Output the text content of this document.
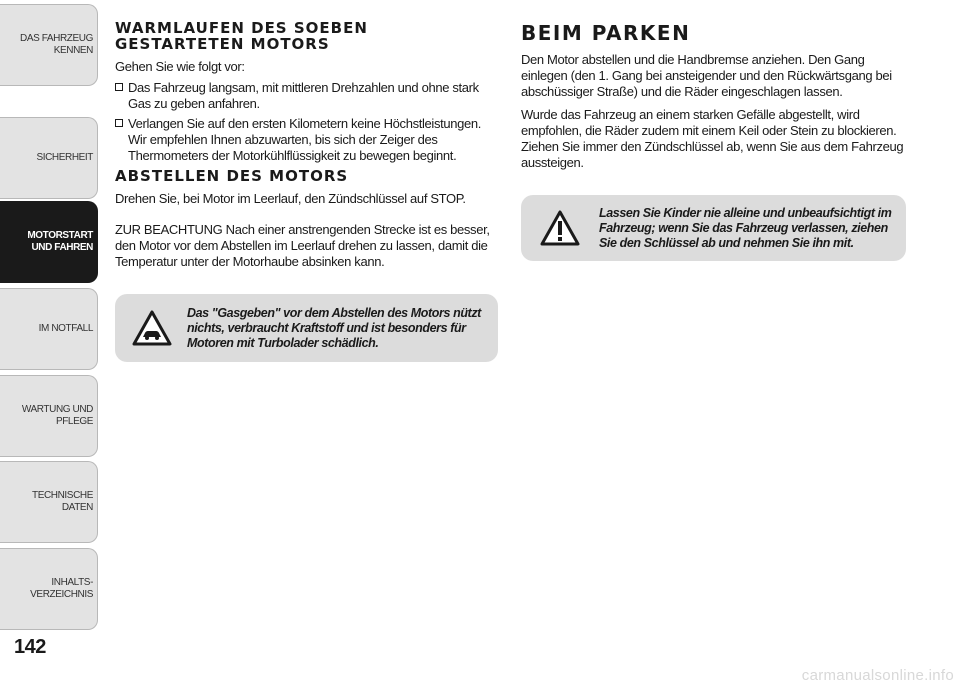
DAS FAHRZEUG
KENNEN
SICHERHEIT
MOTORSTART
UND FAHREN
IM NOTFALL
WARTUNG UND
PFLEGE
TECHNISCHE DATEN
INHALTS-
VERZEICHNIS
142
WARMLAUFEN DES SOEBEN GESTARTETEN MOTORS

Gehen Sie wie folgt vor:

Das Fahrzeug langsam, mit mittleren Drehzahlen und ohne stark Gas zu geben anfahren.
Verlangen Sie auf den ersten Kilometern keine Höchstleistungen. Wir empfehlen Ihnen abzuwarten, bis sich der Zeiger des Thermometers der Motorkühlflüssigkeit zu bewegen beginnt.
ABSTELLEN DES MOTORS

Drehen Sie, bei Motor im Leerlauf, den Zündschlüssel auf STOP.

ZUR BEACHTUNG Nach einer anstrengenden Strecke ist es besser, den Motor vor dem Abstellen im Leerlauf drehen zu lassen, damit die Temperatur unter der Motorhaube absinken kann.

Das "Gasgeben" vor dem Abstellen des Motors nützt nichts, verbraucht Kraftstoff und ist besonders für Motoren mit Turbolader schädlich.
BEIM PARKEN

Den Motor abstellen und die Handbremse anziehen. Den Gang einlegen (den 1. Gang bei ansteigender und den Rückwärtsgang bei abschüssiger Straße) und die Räder eingeschlagen lassen.

Wurde das Fahrzeug an einem starken Gefälle abgestellt, wird empfohlen, die Räder zudem mit einem Keil oder Stein zu blockieren. Ziehen Sie immer den Zündschlüssel ab, wenn Sie aus dem Fahrzeug aussteigen.

Lassen Sie Kinder nie alleine und unbeaufsichtigt im Fahrzeug; wenn Sie das Fahrzeug verlassen, ziehen Sie den Schlüssel ab und nehmen Sie ihn mit.
carmanualsonline.info
